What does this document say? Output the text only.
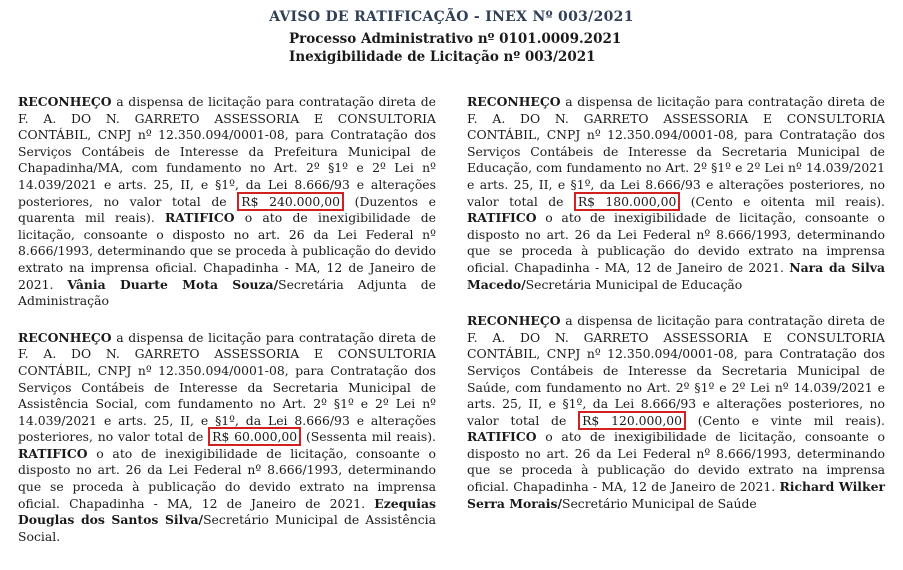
AVISO DE RATIFICAÇÃO - INEX Nº 003/2021
Processo Administrativo nº 0101.0009.2021
Inexigibilidade de Licitação nº 003/2021

RECONHEÇO a dispensa de licitação para contratação direta de F. A. DO N. GARRETO ASSESSORIA E CONSULTORIA CONTÁBIL, CNPJ nº 12.350.094/0001-08, para Contratação dos Serviços Contábeis de Interesse da Prefeitura Municipal de Chapadinha/MA, com fundamento no Art. 2º §1º e 2º Lei nº 14.039/2021 e arts. 25, II, e §1º, da Lei 8.666/93 e alterações posteriores, no valor total de R$ 240.000,00 (Duzentos e quarenta mil reais). RATIFICO o ato de inexigibilidade de licitação, consoante o disposto no art. 26 da Lei Federal nº 8.666/1993, determinando que se proceda à publicação do devido extrato na imprensa oficial. Chapadinha - MA, 12 de Janeiro de 2021. Vânia Duarte Mota Souza/Secretária Adjunta de Administração

RECONHEÇO a dispensa de licitação para contratação direta de F. A. DO N. GARRETO ASSESSORIA E CONSULTORIA CONTÁBIL, CNPJ nº 12.350.094/0001-08, para Contratação dos Serviços Contábeis de Interesse da Secretaria Municipal de Assistência Social, com fundamento no Art. 2º §1º e 2º Lei nº 14.039/2021 e arts. 25, II, e §1º, da Lei 8.666/93 e alterações posteriores, no valor total de R$ 60.000,00 (Sessenta mil reais). RATIFICO o ato de inexigibilidade de licitação, consoante o disposto no art. 26 da Lei Federal nº 8.666/1993, determinando que se proceda à publicação do devido extrato na imprensa oficial. Chapadinha - MA, 12 de Janeiro de 2021. Ezequias Douglas dos Santos Silva/Secretário Municipal de Assistência Social.

RECONHEÇO a dispensa de licitação para contratação direta de F. A. DO N. GARRETO ASSESSORIA E CONSULTORIA CONTÁBIL, CNPJ nº 12.350.094/0001-08, para Contratação dos Serviços Contábeis de Interesse da Secretaria Municipal de Educação, com fundamento no Art. 2º §1º e 2º Lei nº 14.039/2021 e arts. 25, II, e §1º, da Lei 8.666/93 e alterações posteriores, no valor total de R$ 180.000,00 (Cento e oitenta mil reais). RATIFICO o ato de inexigibilidade de licitação, consoante o disposto no art. 26 da Lei Federal nº 8.666/1993, determinando que se proceda à publicação do devido extrato na imprensa oficial. Chapadinha - MA, 12 de Janeiro de 2021. Nara da Silva Macedo/Secretária Municipal de Educação

RECONHEÇO a dispensa de licitação para contratação direta de F. A. DO N. GARRETO ASSESSORIA E CONSULTORIA CONTÁBIL, CNPJ nº 12.350.094/0001-08, para Contratação dos Serviços Contábeis de Interesse da Secretaria Municipal de Saúde, com fundamento no Art. 2º §1º e 2º Lei nº 14.039/2021 e arts. 25, II, e §1º, da Lei 8.666/93 e alterações posteriores, no valor total de R$ 120.000,00 (Cento e vinte mil reais). RATIFICO o ato de inexigibilidade de licitação, consoante o disposto no art. 26 da Lei Federal nº 8.666/1993, determinando que se proceda à publicação do devido extrato na imprensa oficial. Chapadinha - MA, 12 de Janeiro de 2021. Richard Wilker Serra Morais/Secretário Municipal de Saúde
